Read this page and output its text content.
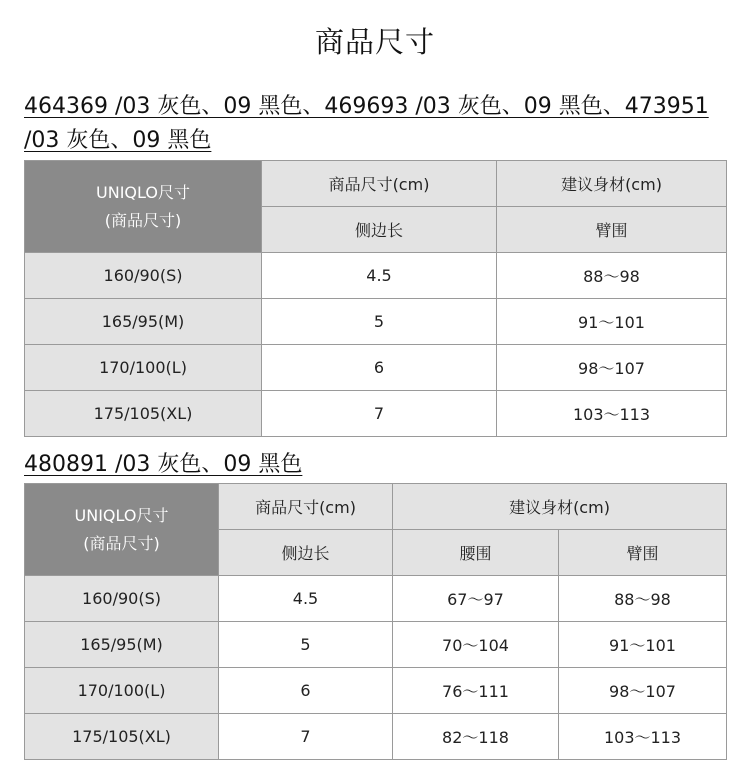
商品尺寸
464369 /03 灰色、09 黑色、469693 /03 灰色、09 黑色、473951 /03 灰色、09 黑色
UNIQLO尺寸
(商品尺寸)	商品尺寸(cm)	建议身材(cm)
	侧边长	臂围
160/90(S)	4.5	88～98
165/95(M)	5	91～101
170/100(L)	6	98～107
175/105(XL)	7	103～113
480891 /03 灰色、09 黑色
UNIQLO尺寸
(商品尺寸)	商品尺寸(cm)	建议身材(cm)	
	侧边长	腰围	臂围
160/90(S)	4.5	67～97	88～98
165/95(M)	5	70～104	91～101
170/100(L)	6	76～111	98～107
175/105(XL)	7	82～118	103～113
